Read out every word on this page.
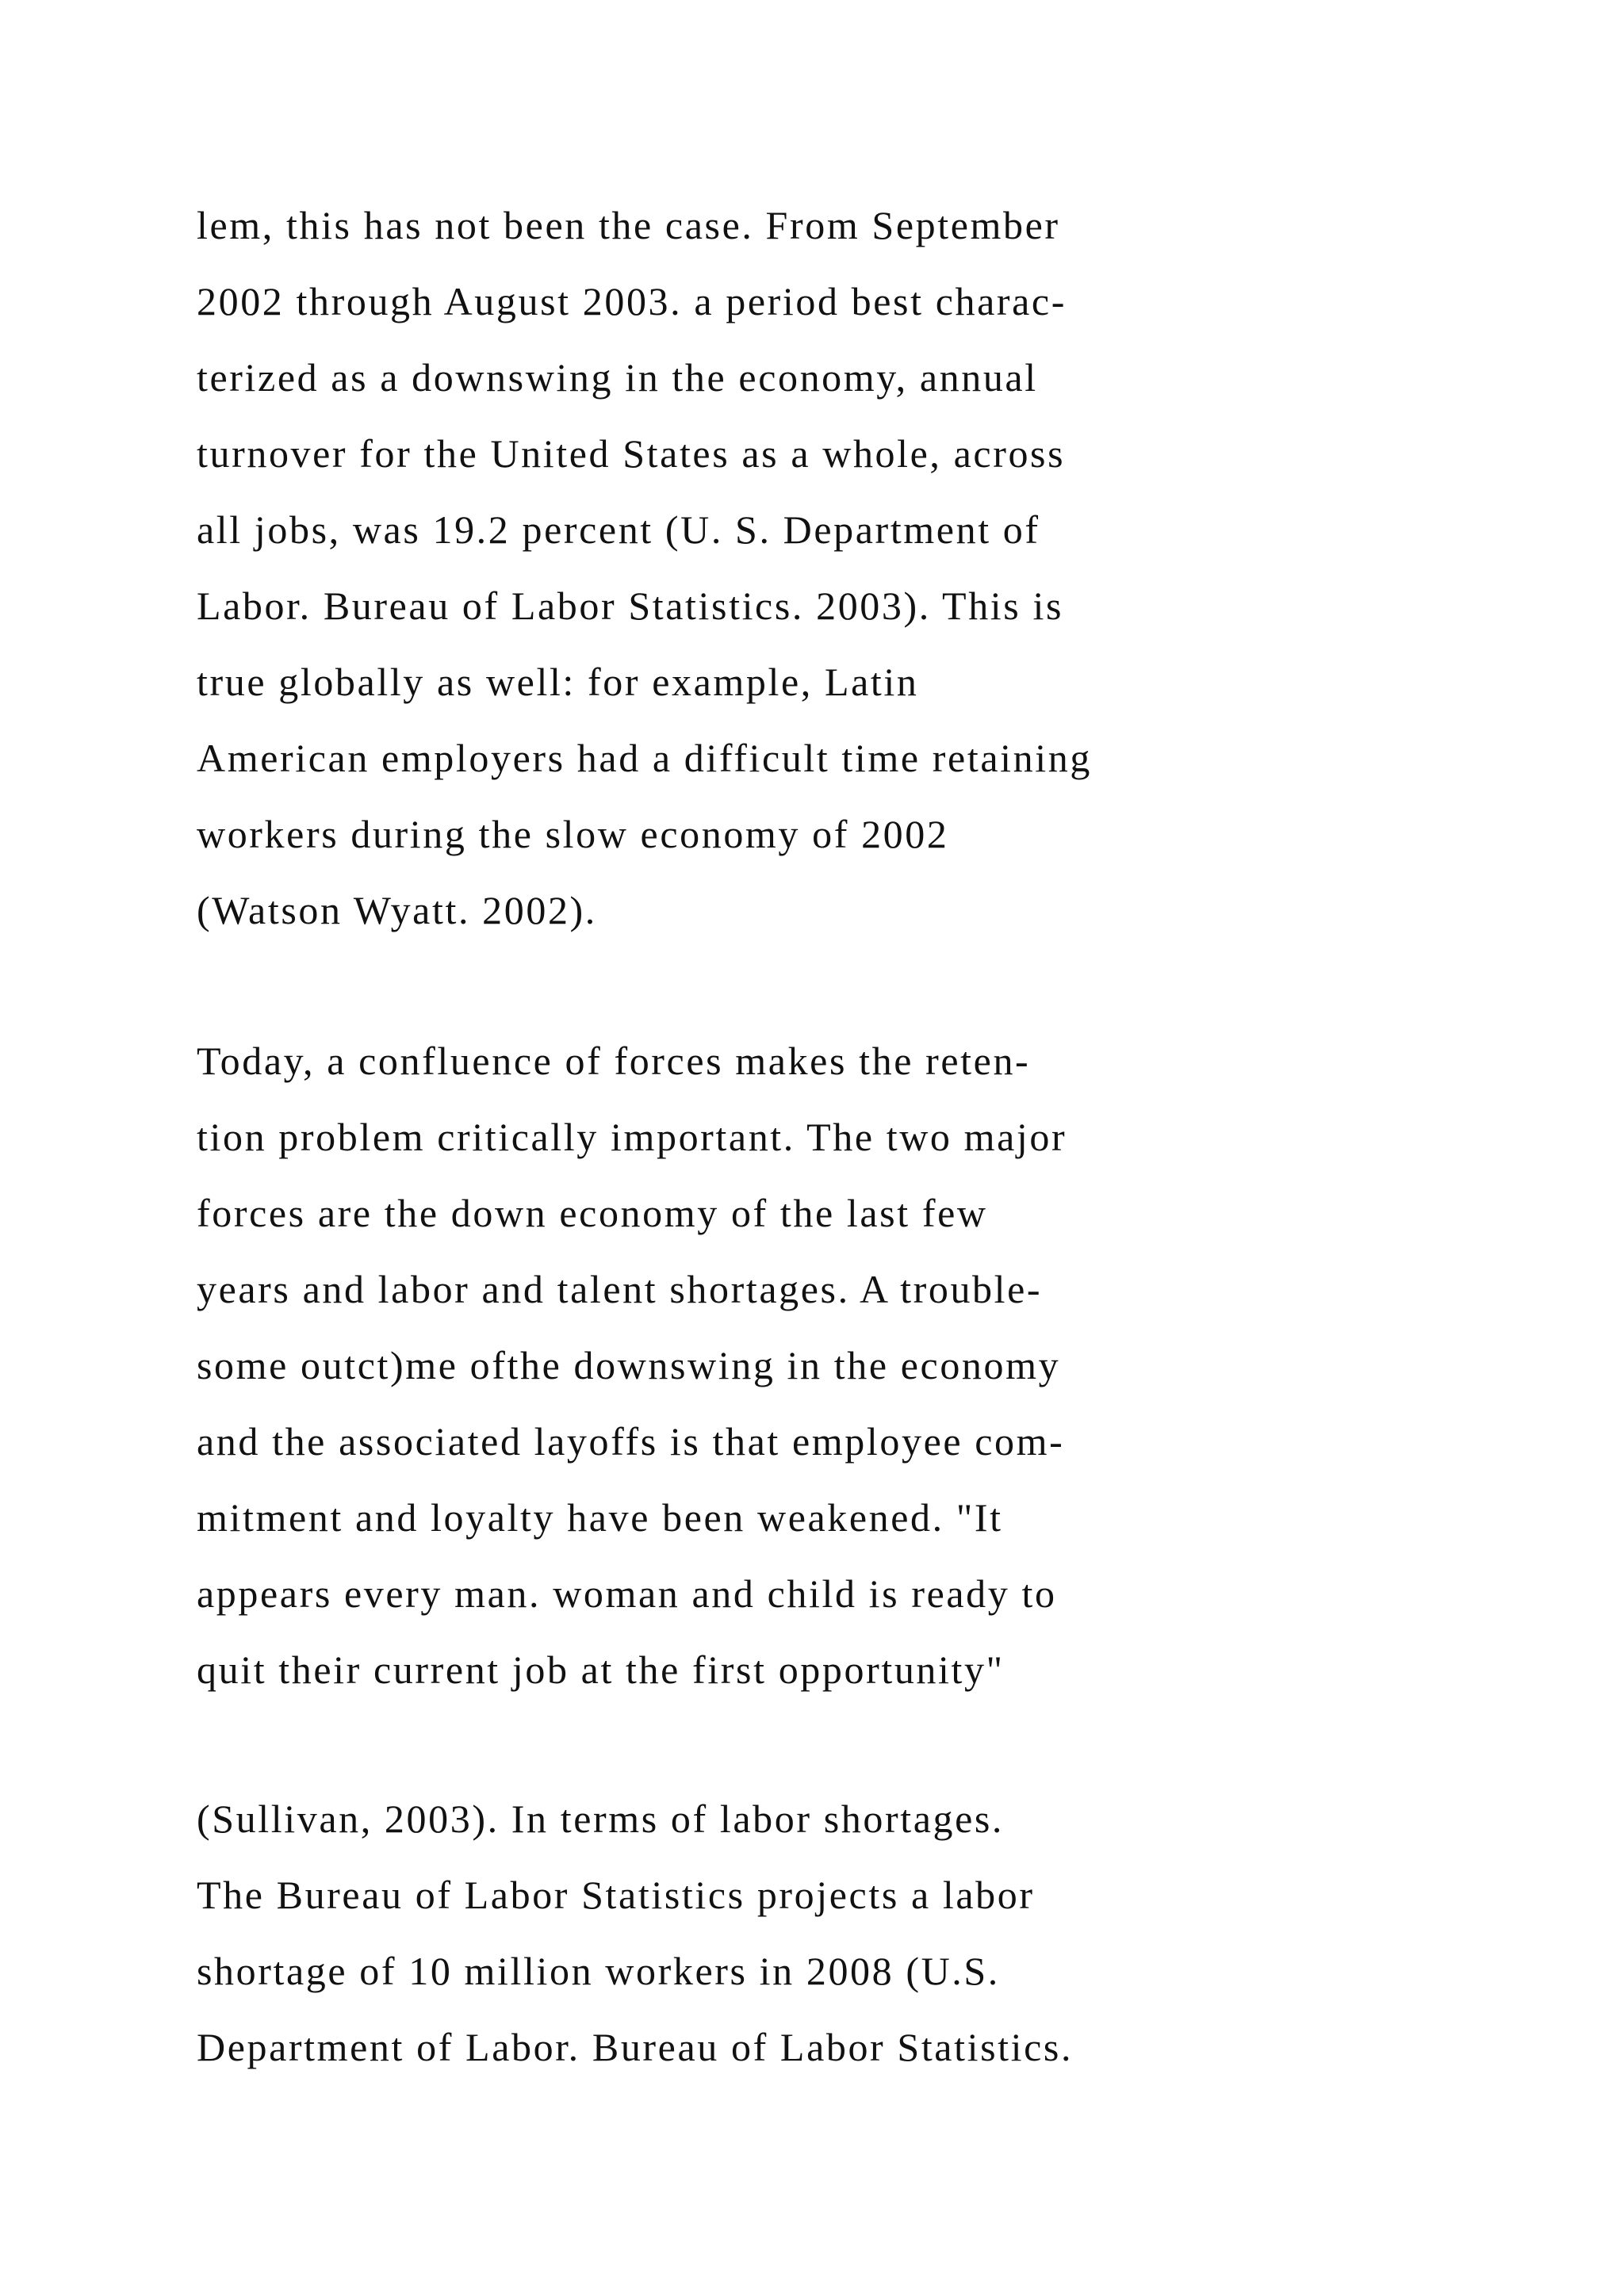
lem, this has not been the case. From September
2002 through August 2003. a period best charac-
terized as a downswing in the economy, annual
turnover for the United States as a whole, across
all jobs, was 19.2 percent (U. S. Department of
Labor. Bureau of Labor Statistics. 2003). This is
true globally as well: for example, Latin
American employers had a difficult time retaining
workers during the slow economy of 2002
(Watson Wyatt. 2002).
Today, a confluence of forces makes the reten-
tion problem critically important. The two major
forces are the down economy of the last few
years and labor and talent shortages. A trouble-
some outct)me ofthe downswing in the economy
and the associated layoffs is that employee com-
mitment and loyalty have been weakened. "It
appears every man. woman and child is ready to
quit their current job at the first opportunity"
(Sullivan, 2003). In terms of labor shortages.
The Bureau of Labor Statistics projects a labor
shortage of 10 million workers in 2008 (U.S.
Department of Labor. Bureau of Labor Statistics.
